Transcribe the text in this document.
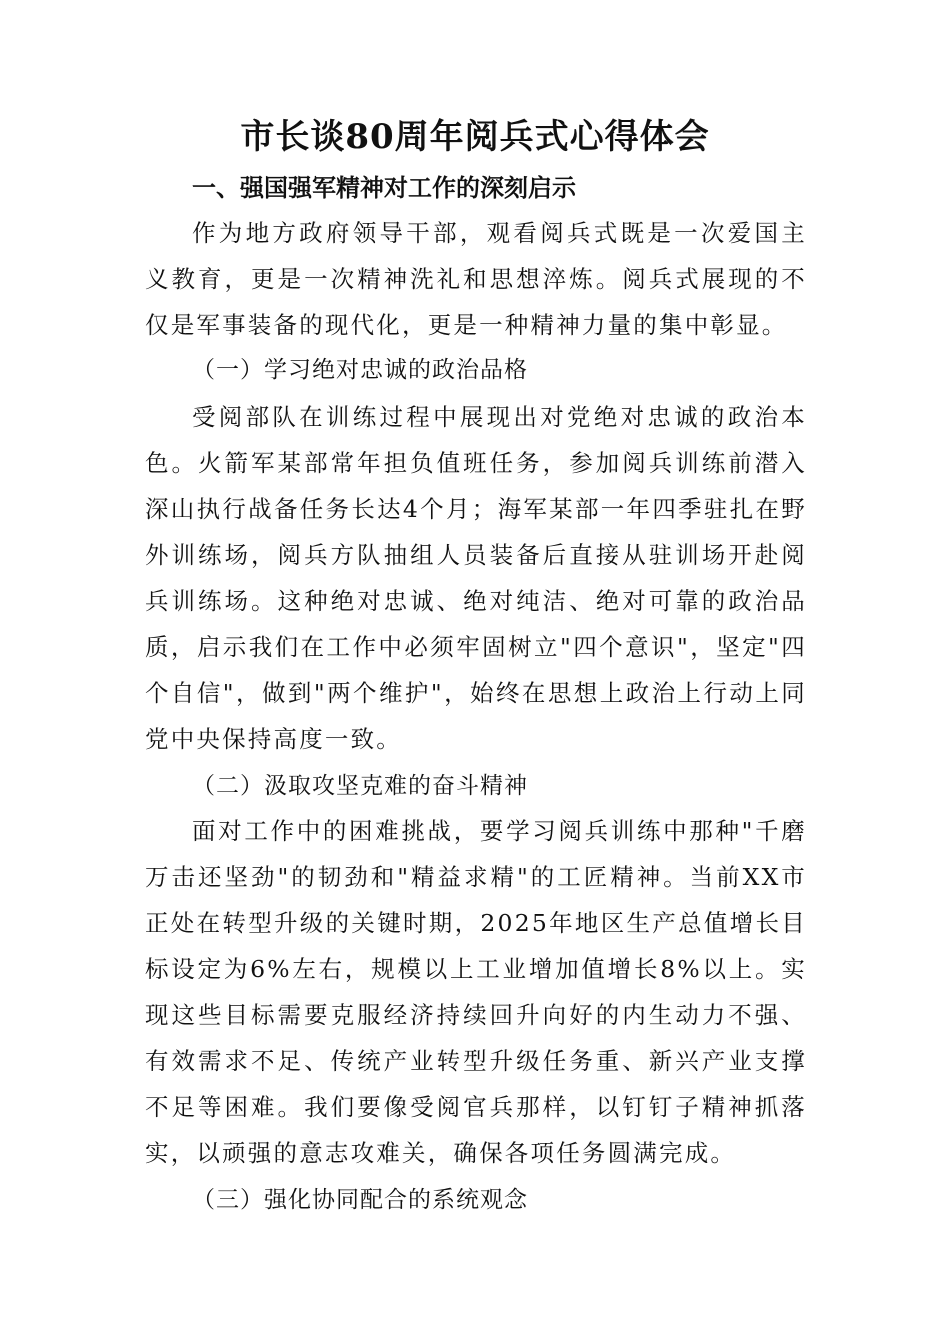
市长谈80周年阅兵式心得体会
一、强国强军精神对工作的深刻启示

作为地方政府领导干部，观看阅兵式既是一次爱国主义教育，更是一次精神洗礼和思想淬炼。阅兵式展现的不仅是军事装备的现代化，更是一种精神力量的集中彰显。

（一）学习绝对忠诚的政治品格

受阅部队在训练过程中展现出对党绝对忠诚的政治本色。火箭军某部常年担负值班任务，参加阅兵训练前潜入深山执行战备任务长达4个月；海军某部一年四季驻扎在野外训练场，阅兵方队抽组人员装备后直接从驻训场开赴阅兵训练场。这种绝对忠诚、绝对纯洁、绝对可靠的政治品质，启示我们在工作中必须牢固树立"四个意识"，坚定"四个自信"，做到"两个维护"，始终在思想上政治上行动上同党中央保持高度一致。

（二）汲取攻坚克难的奋斗精神

面对工作中的困难挑战，要学习阅兵训练中那种"千磨万击还坚劲"的韧劲和"精益求精"的工匠精神。当前XX市正处在转型升级的关键时期，2025年地区生产总值增长目标设定为6%左右，规模以上工业增加值增长8%以上。实现这些目标需要克服经济持续回升向好的内生动力不强、有效需求不足、传统产业转型升级任务重、新兴产业支撑不足等困难。我们要像受阅官兵那样，以钉钉子精神抓落实，以顽强的意志攻难关，确保各项任务圆满完成。

（三）强化协同配合的系统观念
